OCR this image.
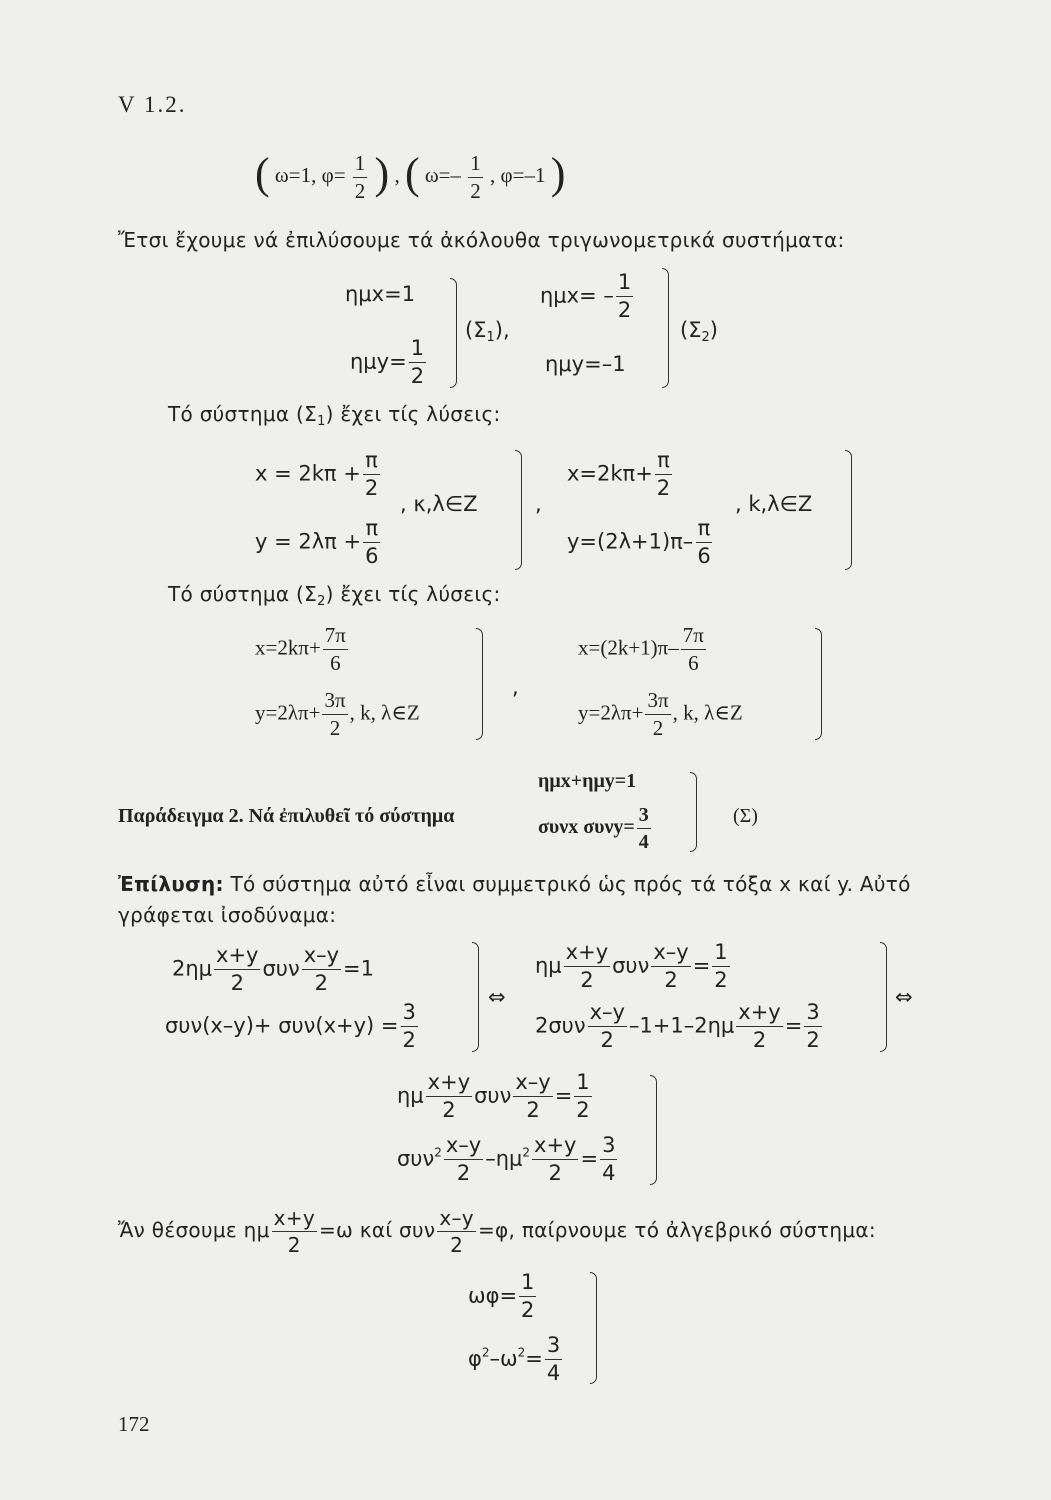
V 1.2.
( ω=1, $\varphi= \frac{1}{2}$ ) , ( $\omega=- \frac{1}{2}$ , φ=–1 )
Ἔτσι ἔχουμε νά ἐπιλύσουμε τά ἀκόλουθα τριγωνομετρικά συστήματα:
ημx=1
$\eta\mu y= \frac{1}{2}$
$(\Sigma_1)$,
$\eta\mu x= - \frac{1}{2}$
ημy=–1
$(\Sigma_2)$
Τό σύστημα $(\Sigma_1)$ ἔχει τίς λύσεις:
$x = 2k\pi + \frac{\pi}{2}$
, κ,λ∈Z
$y = 2\lambda\pi + \frac{\pi}{6}$
,
$x=2k\pi+ \frac{\pi}{2}$
, k,λ∈Z
$y=(2\lambda+1)\pi- \frac{\pi}{6}$
Τό σύστημα $(\Sigma_2)$ ἔχει τίς λύσεις:
$x=2k\pi+ \frac{7\pi}{6}$
$y=2\lambda\pi+ \frac{3\pi}{2}$ , k, λ∈Z
,
$x=(2k+1)\pi- \frac{7\pi}{6}$
$y=2\lambda\pi+ \frac{3\pi}{2}$ , k, λ∈Z
ημx+ημy=1
Παράδειγμα 2. Νά ἐπιλυθεῖ τό σύστημα
συνx $\sigma\upsilon\nu y= \frac{3}{4}$	(Σ)
Ἐπίλυση: Τό σύστημα αὐτό εἶναι συμμετρικό ὡς πρός τά τόξα x καί y. Αὐτό
γράφεται ἰσοδύναμα:
$2\eta\mu \frac{x+y}{2}$ συν $\frac{x-y}{2} =1$
$\sigma\upsilon\nu(x-y)+ \sigma\upsilon\nu(x+y) = \frac{3}{2}$
⇔
ημ $\frac{x+y}{2}$ συν $\frac{x-y}{2} = \frac{1}{2}$
$2\sigma\upsilon\nu \frac{x-y}{2} -1+1-2\eta\mu \frac{x+y}{2} = \frac{3}{2}$
⇔
ημ $\frac{x+y}{2}$ συν $\frac{x-y}{2} = \frac{1}{2}$
$\sigma\upsilon\nu^2 \frac{x-y}{2} -\eta\mu^2 \frac{x+y}{2} = \frac{3}{4}$
Ἄν θέσουμε ημ $\frac{x+y}{2} =\omega$ καί συν $\frac{x-y}{2} =\varphi$, παίρνουμε τό ἀλγεβρικό σύστημα:
$\omega\varphi= \frac{1}{2}$
$\varphi^2-\omega^2= \frac{3}{4}$
172
